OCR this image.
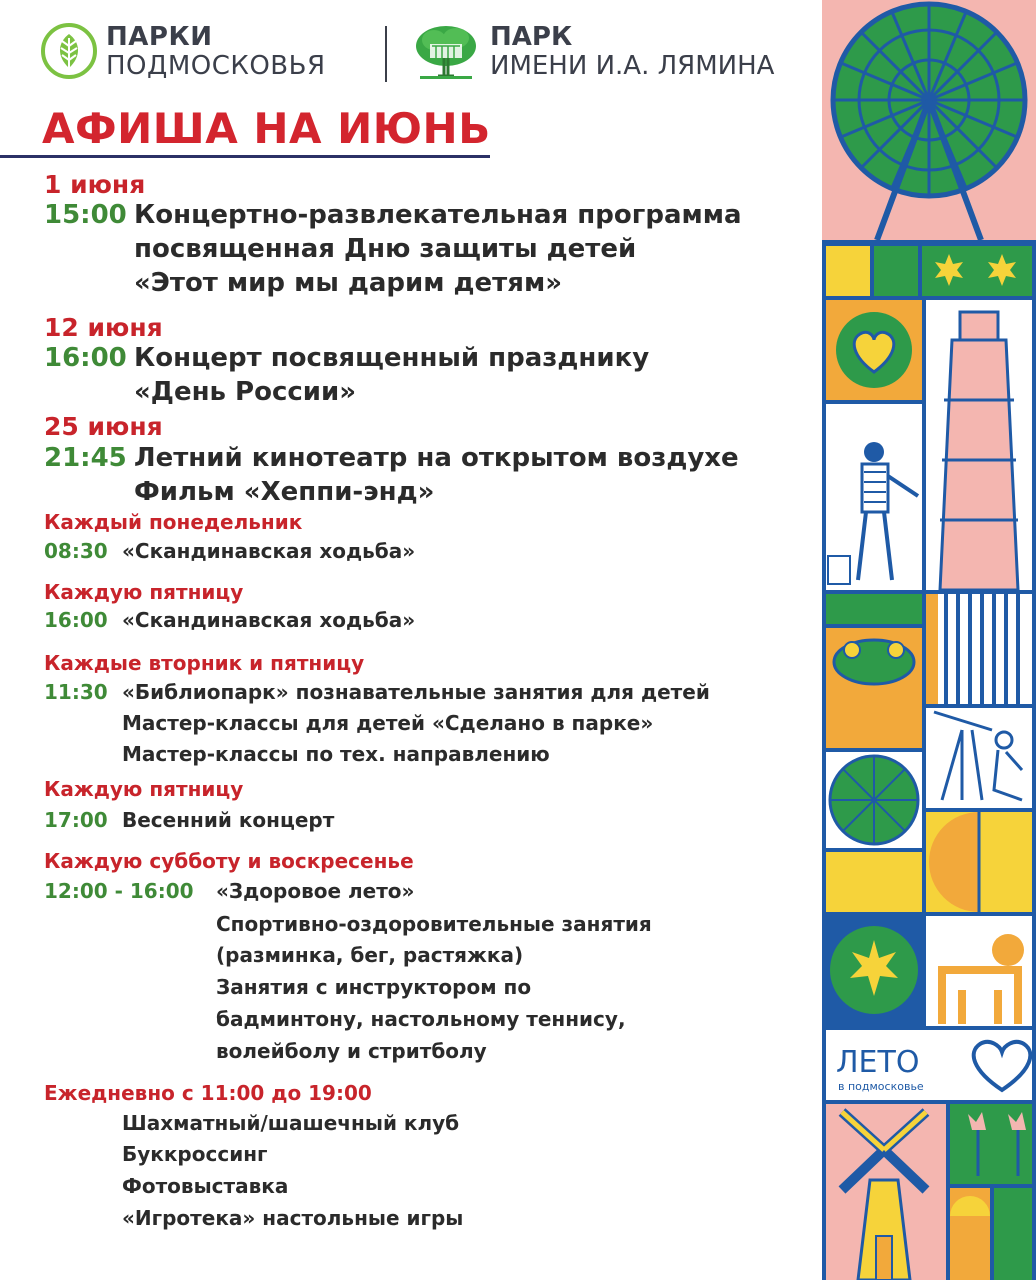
ПАРКИ
ПОДМОСКОВЬЯ
ПАРК
ИМЕНИ И.А. ЛЯМИНА
АФИША НА ИЮНЬ
1 июня
15:00 Концертно-развлекательная программа
посвященная Дню защиты детей
«Этот мир мы дарим детям»
12 июня
16:00 Концерт посвященный празднику
«День России»
25 июня
21:45 Летний кинотеатр на открытом воздухе
Фильм «Хеппи-энд»
Каждый понедельник
08:30 «Скандинавская ходьба»
Каждую пятницу
16:00 «Скандинавская ходьба»
Каждые вторник и пятницу
11:30 «Библиопарк» познавательные занятия для детей
Мастер-классы для детей «Сделано в парке»
Мастер-классы по тех. направлению
Каждую пятницу
17:00 Весенний концерт
Каждую субботу и воскресенье
12:00 - 16:00 «Здоровое лето»
Спортивно-оздоровительные занятия
(разминка, бег, растяжка)
Занятия с инструктором по
бадминтону, настольному теннису,
волейболу и стритболу
Ежедневно с 11:00 до 19:00
Шахматный/шашечный клуб
Буккроссинг
Фотовыставка
«Игротека» настольные игры
ЛЕТО
в подмосковье
